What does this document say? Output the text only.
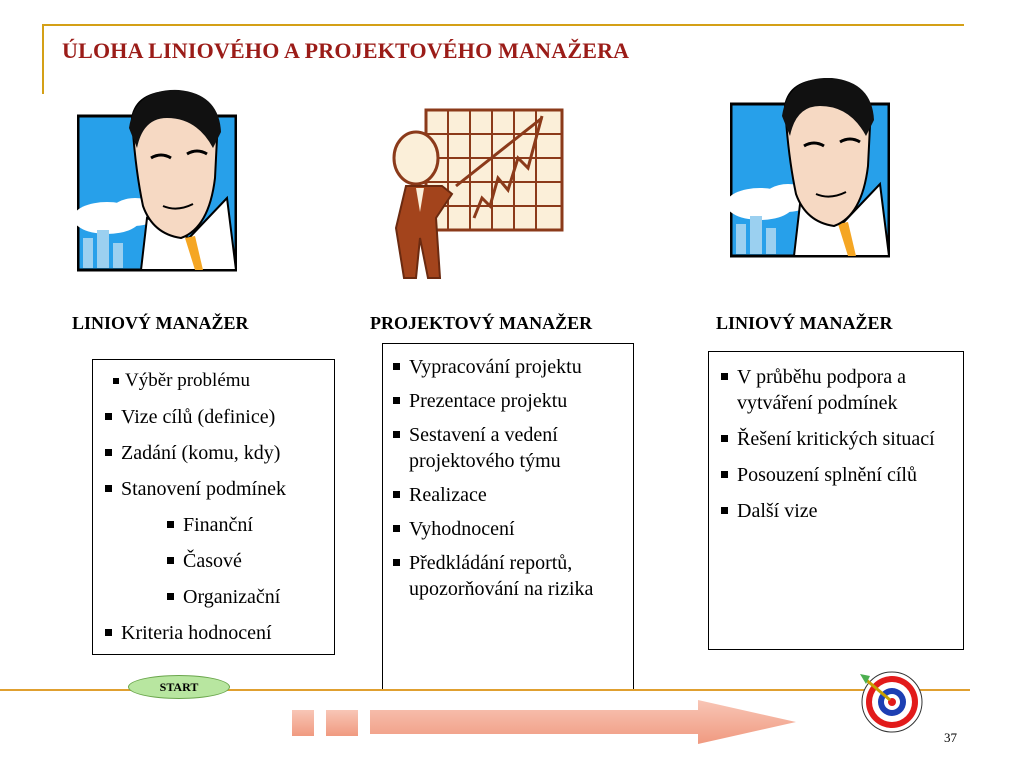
ÚLOHA LINIOVÉHO A PROJEKTOVÉHO MANAŽERA
LINIOVÝ MANAŽER	PROJEKTOVÝ MANAŽER	LINIOVÝ MANAŽER
Výběr problému
Vize cílů (definice)
Zadání (komu, kdy)
Stanovení podmínek
Finanční
Časové
Organizační
Kriteria hodnocení
Vypracování projektu
Prezentace projektu
Sestavení a vedení projektového týmu
Realizace
Vyhodnocení
Předkládání reportů, upozorňování na rizika
V průběhu podpora a vytváření podmínek
Řešení kritických situací
Posouzení splnění cílů
Další vize
START
37
